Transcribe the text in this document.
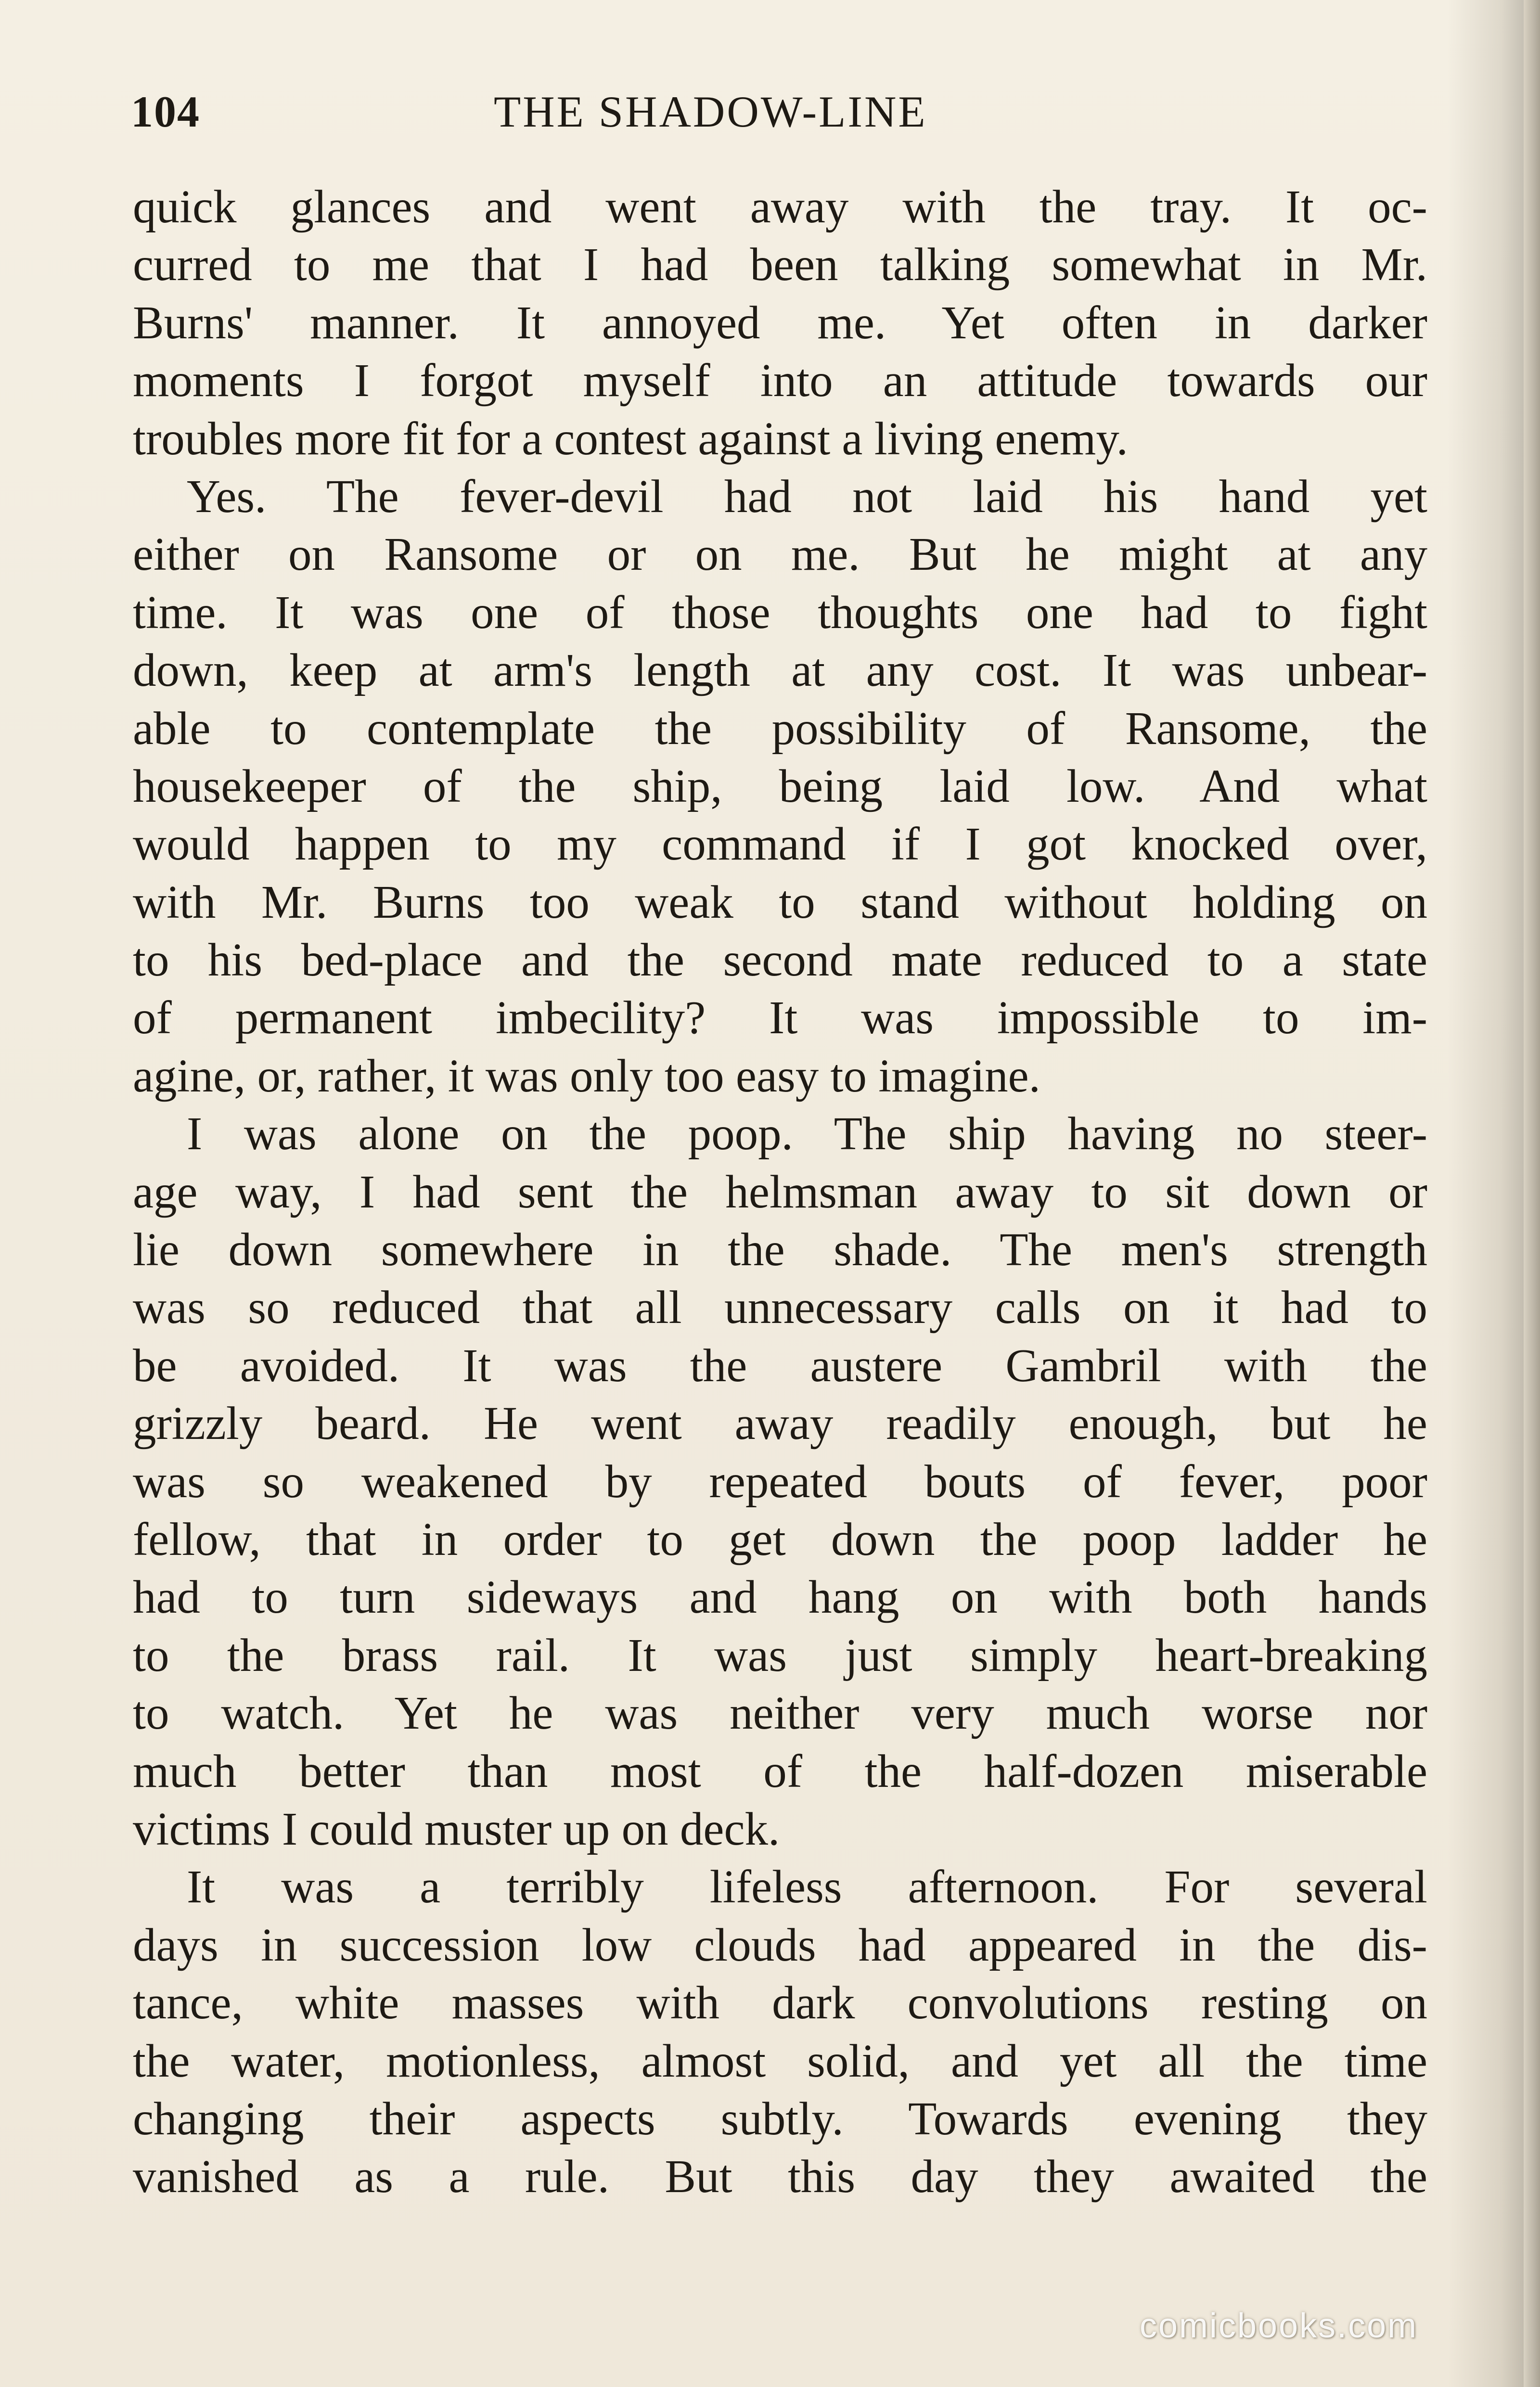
104	THE SHADOW-LINE
quick glances and went away with the tray. It oc-
curred to me that I had been talking somewhat in Mr.
Burns' manner. It annoyed me. Yet often in darker
moments I forgot myself into an attitude towards our
troubles more fit for a contest against a living enemy.
Yes. The fever-devil had not laid his hand yet
either on Ransome or on me. But he might at any
time. It was one of those thoughts one had to fight
down, keep at arm's length at any cost. It was unbear-
able to contemplate the possibility of Ransome, the
housekeeper of the ship, being laid low. And what
would happen to my command if I got knocked over,
with Mr. Burns too weak to stand without holding on
to his bed-place and the second mate reduced to a state
of permanent imbecility? It was impossible to im-
agine, or, rather, it was only too easy to imagine.
I was alone on the poop. The ship having no steer-
age way, I had sent the helmsman away to sit down or
lie down somewhere in the shade. The men's strength
was so reduced that all unnecessary calls on it had to
be avoided. It was the austere Gambril with the
grizzly beard. He went away readily enough, but he
was so weakened by repeated bouts of fever, poor
fellow, that in order to get down the poop ladder he
had to turn sideways and hang on with both hands
to the brass rail. It was just simply heart-breaking
to watch. Yet he was neither very much worse nor
much better than most of the half-dozen miserable
victims I could muster up on deck.
It was a terribly lifeless afternoon. For several
days in succession low clouds had appeared in the dis-
tance, white masses with dark convolutions resting on
the water, motionless, almost solid, and yet all the time
changing their aspects subtly. Towards evening they
vanished as a rule. But this day they awaited the
comicbooks.com
